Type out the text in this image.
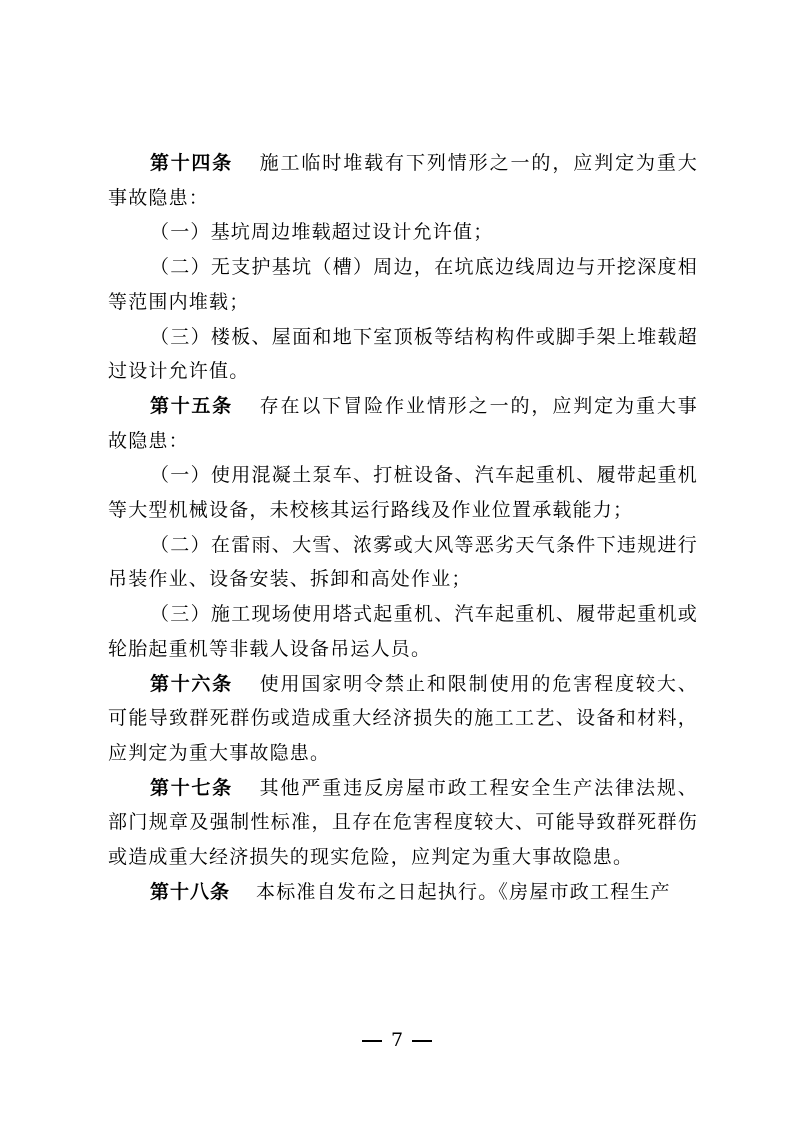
第十四条 施工临时堆载有下列情形之一的，应判定为重大事故隐患：

（一）基坑周边堆载超过设计允许值；

（二）无支护基坑（槽）周边，在坑底边线周边与开挖深度相等范围内堆载；

（三）楼板、屋面和地下室顶板等结构构件或脚手架上堆载超过设计允许值。

第十五条 存在以下冒险作业情形之一的，应判定为重大事故隐患：

（一）使用混凝土泵车、打桩设备、汽车起重机、履带起重机等大型机械设备，未校核其运行路线及作业位置承载能力；

（二）在雷雨、大雪、浓雾或大风等恶劣天气条件下违规进行吊装作业、设备安装、拆卸和高处作业；

（三）施工现场使用塔式起重机、汽车起重机、履带起重机或轮胎起重机等非载人设备吊运人员。

第十六条 使用国家明令禁止和限制使用的危害程度较大、可能导致群死群伤或造成重大经济损失的施工工艺、设备和材料，应判定为重大事故隐患。

第十七条 其他严重违反房屋市政工程安全生产法律法规、部门规章及强制性标准，且存在危害程度较大、可能导致群死群伤或造成重大经济损失的现实危险，应判定为重大事故隐患。

第十八条 本标准自发布之日起执行。《房屋市政工程生产

7
